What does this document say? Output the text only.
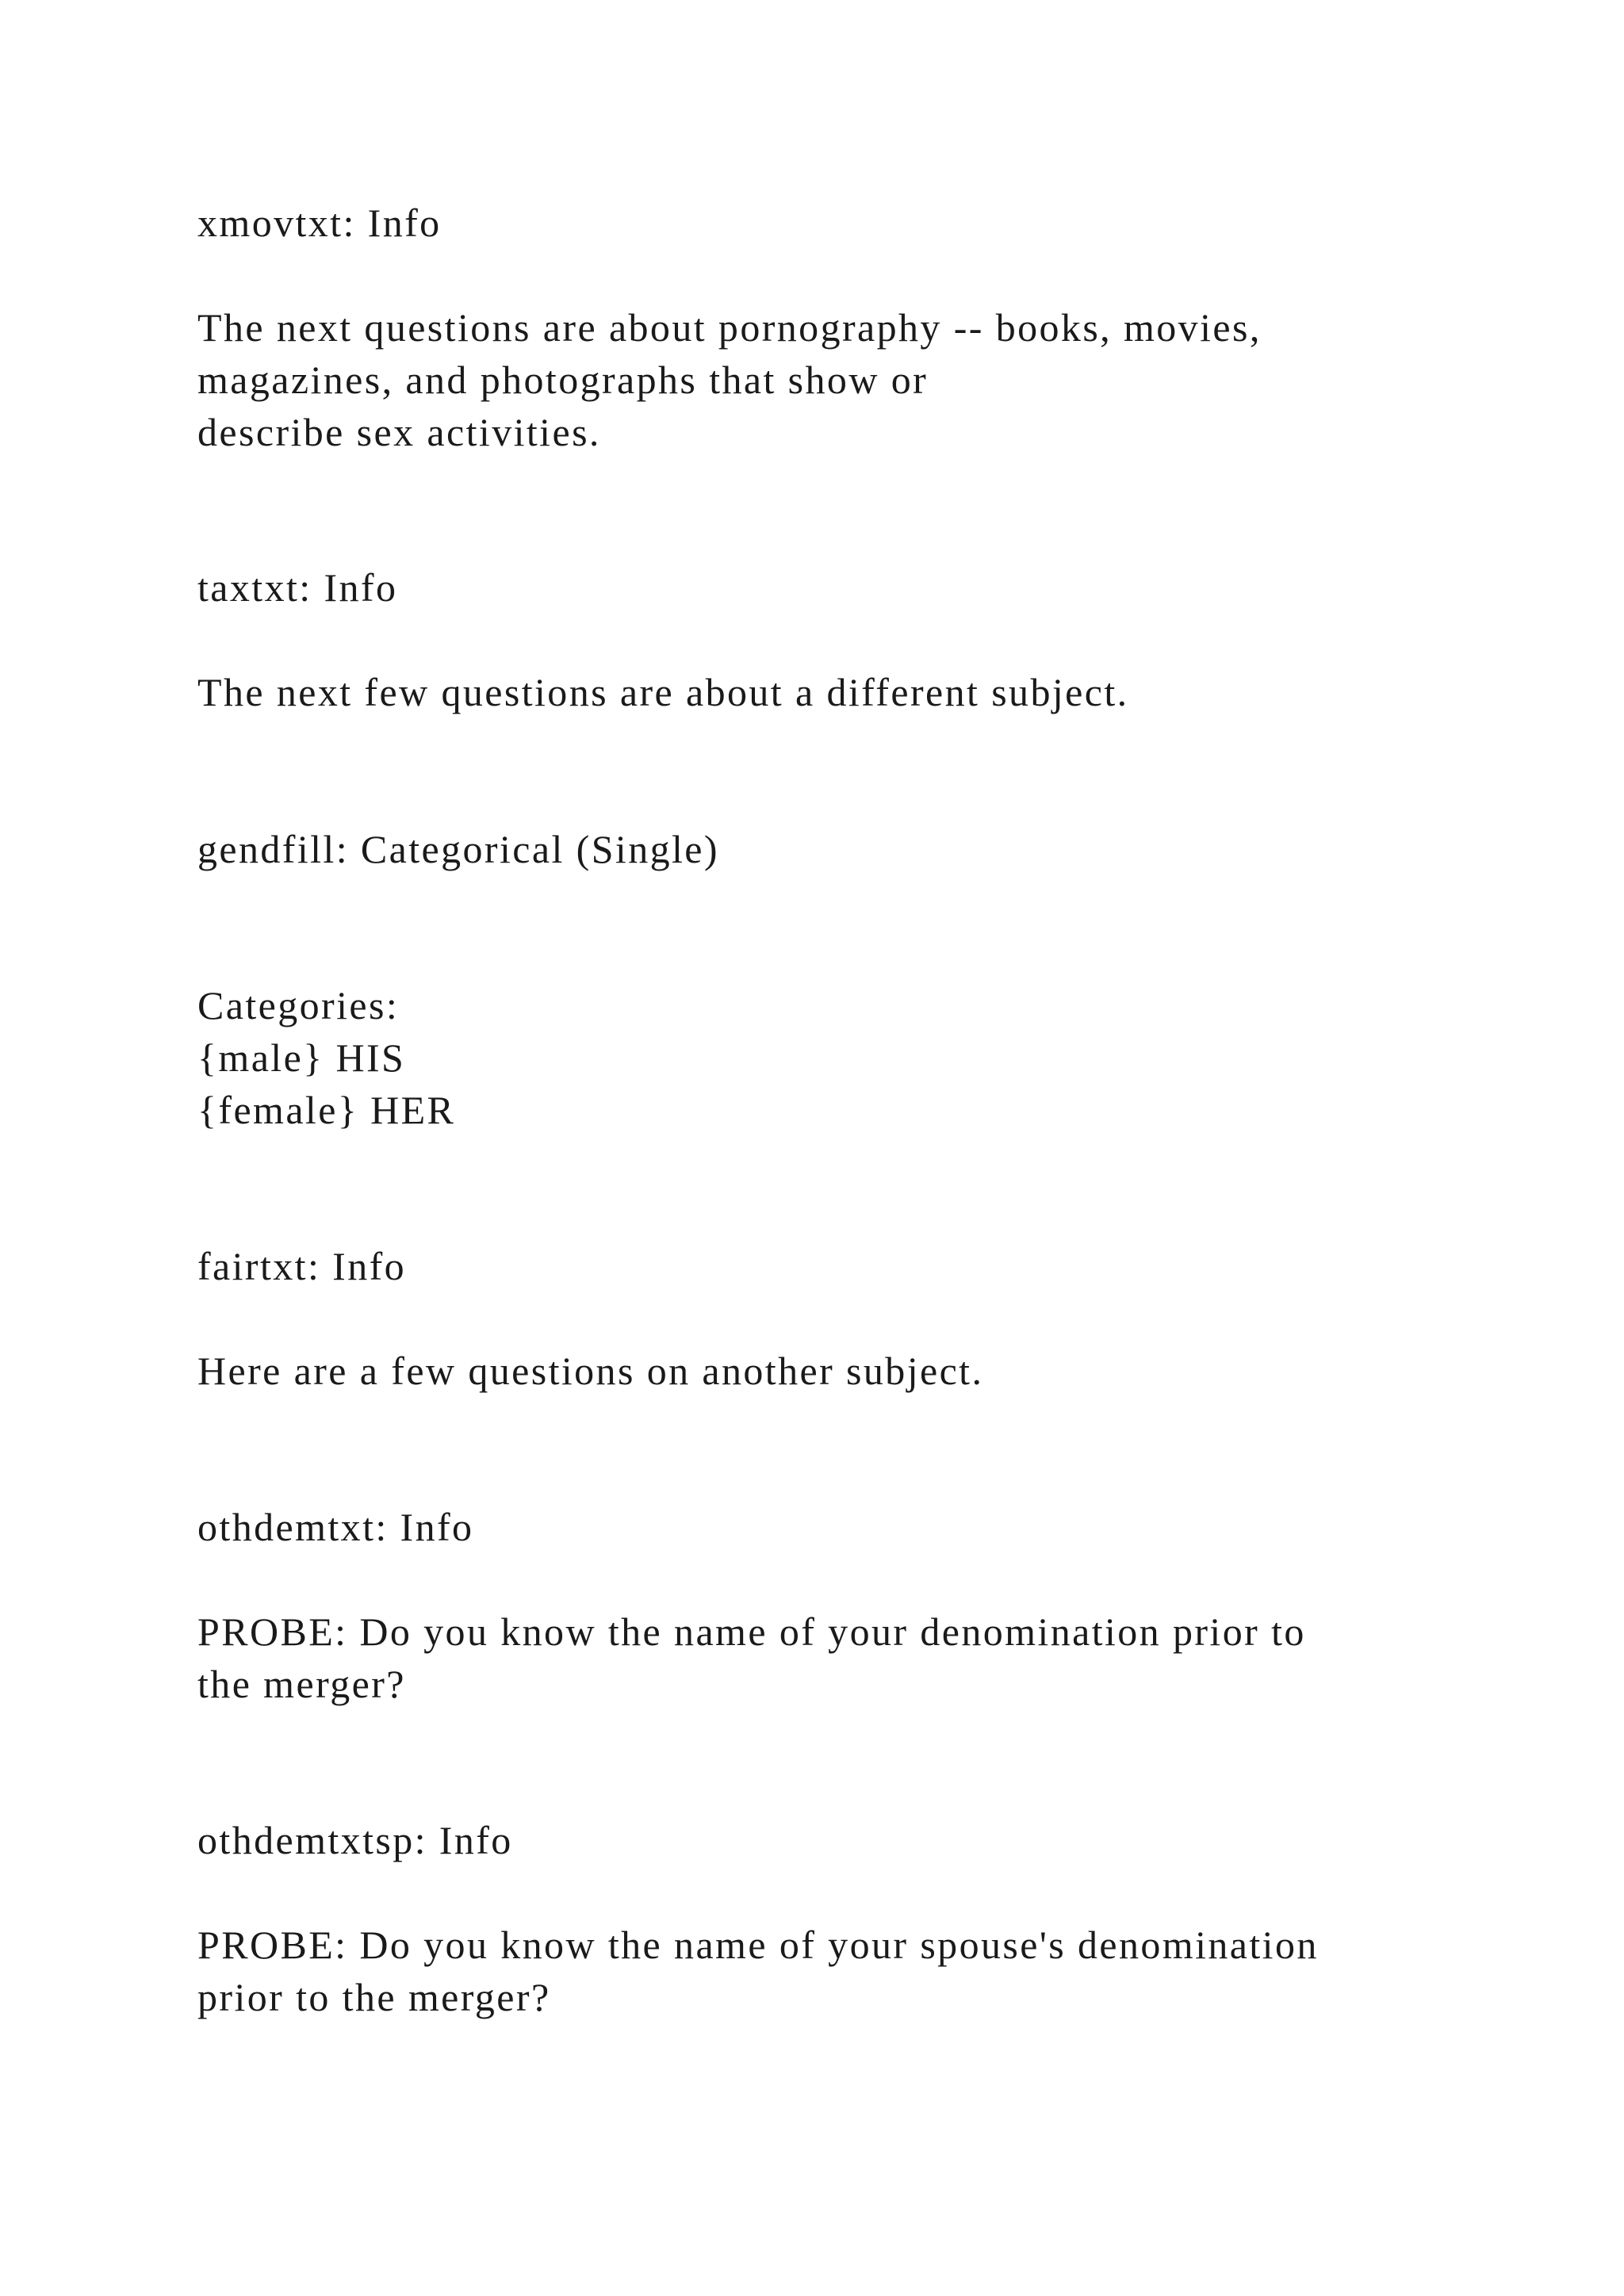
xmovtxt: Info

The next questions are about pornography -- books, movies,

magazines, and photographs that show or

describe sex activities.

taxtxt: Info

The next few questions are about a different subject.

gendfill: Categorical (Single)

Categories:

{male} HIS

{female} HER

fairtxt: Info

Here are a few questions on another subject.

othdemtxt: Info

PROBE: Do you know the name of your denomination prior to

the merger?

othdemtxtsp: Info

PROBE: Do you know the name of your spouse's denomination

prior to the merger?
